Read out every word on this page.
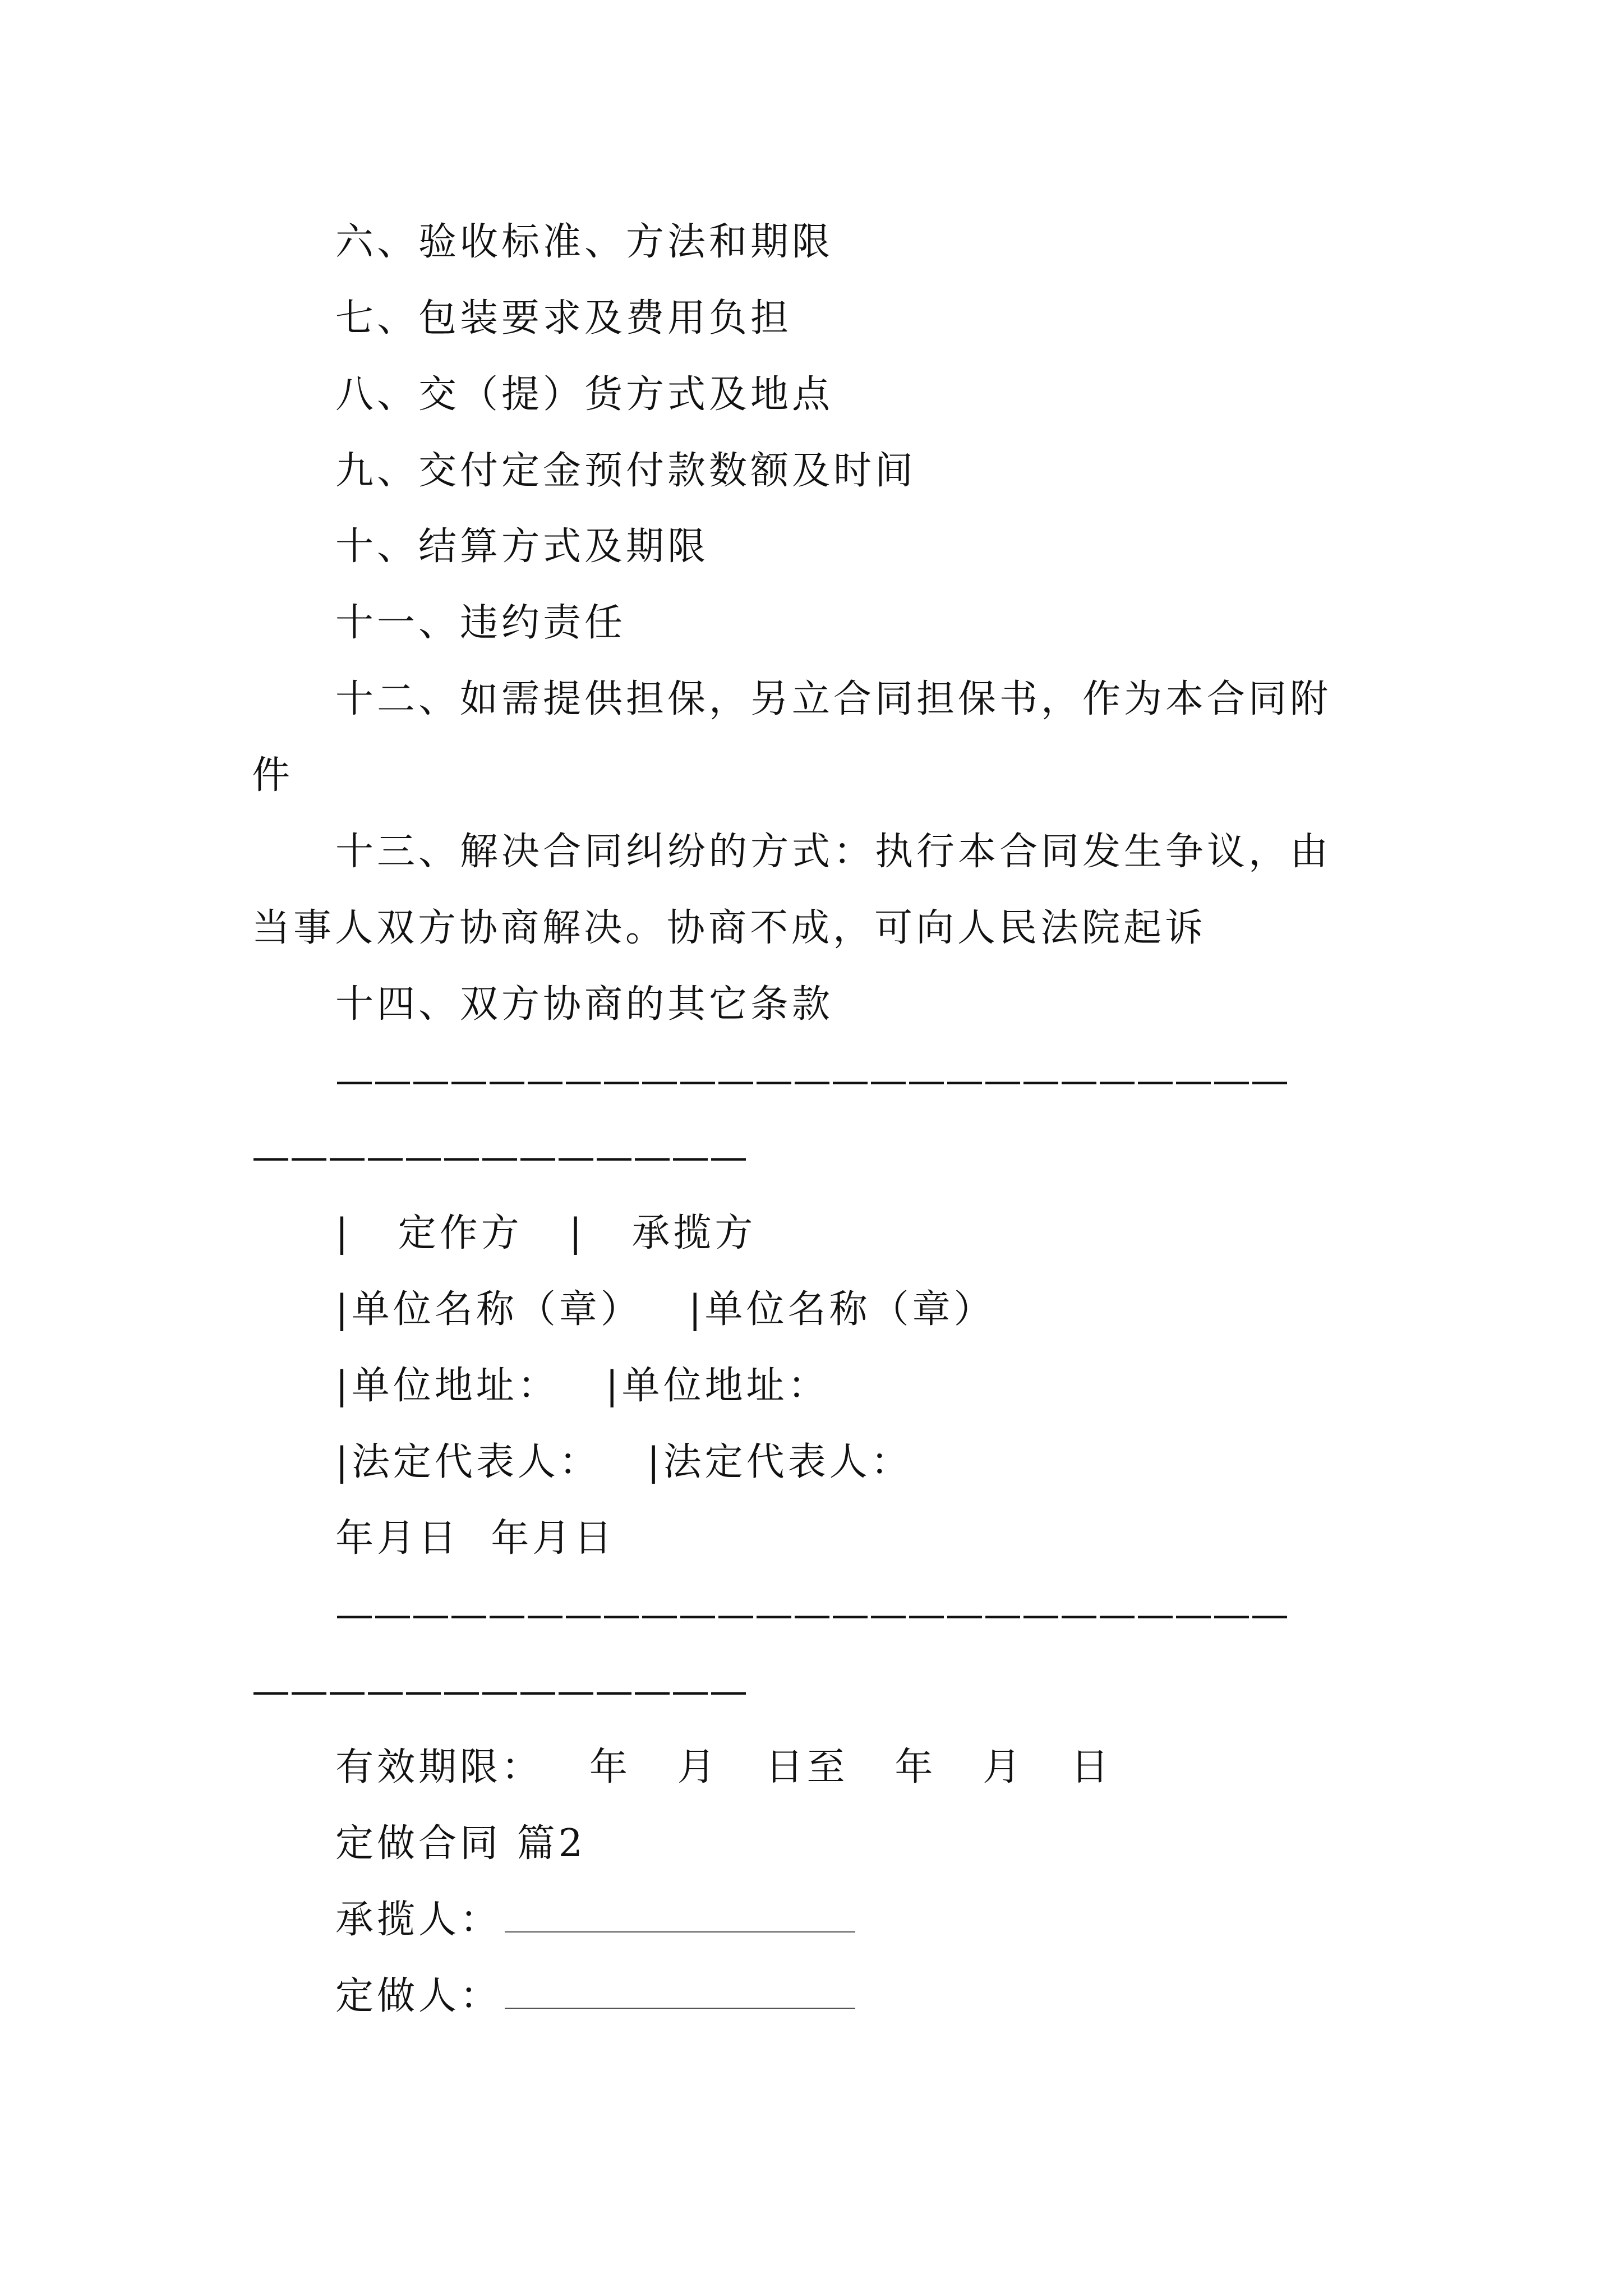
六、验收标准、方法和期限
七、包装要求及费用负担
八、交（提）货方式及地点
九、交付定金预付款数额及时间
十、结算方式及期限
十一、违约责任
十二、如需提供担保，另立合同担保书，作为本合同附
件
十三、解决合同纠纷的方式：执行本合同发生争议，由
当事人双方协商解决。协商不成，可向人民法院起诉
十四、双方协商的其它条款
—————————————————————————
—————————————
|   定作方   |   承揽方
|单位名称（章）   |单位名称（章）
|单位地址：   |单位地址：
|法定代表人：   |法定代表人：
年月日  年月日
—————————————————————————
—————————————
有效期限：   年   月   日至   年   月   日
定做合同 篇2
承揽人：
定做人：
